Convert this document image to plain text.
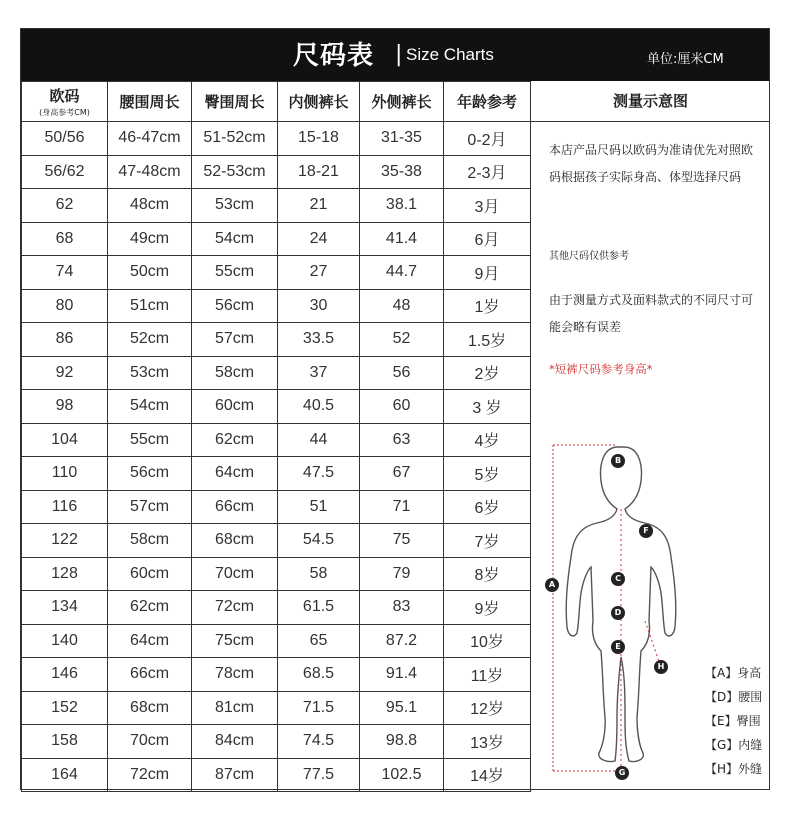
尺码表 | Size Charts	单位:厘米CM
欧码
(身高参考CM)	腰围周长	臀围周长	内侧裤长	外侧裤长	年龄参考
50/56	46-47cm	51-52cm	15-18	31-35	0-2月
56/62	47-48cm	52-53cm	18-21	35-38	2-3月
62	48cm	53cm	21	38.1	3月
68	49cm	54cm	24	41.4	6月
74	50cm	55cm	27	44.7	9月
80	51cm	56cm	30	48	1岁
86	52cm	57cm	33.5	52	1.5岁
92	53cm	58cm	37	56	2岁
98	54cm	60cm	40.5	60	3 岁
104	55cm	62cm	44	63	4岁
110	56cm	64cm	47.5	67	5岁
116	57cm	66cm	51	71	6岁
122	58cm	68cm	54.5	75	7岁
128	60cm	70cm	58	79	8岁
134	62cm	72cm	61.5	83	9岁
140	64cm	75cm	65	87.2	10岁
146	66cm	78cm	68.5	91.4	11岁
152	68cm	81cm	71.5	95.1	12岁
158	70cm	84cm	74.5	98.8	13岁
164	72cm	87cm	77.5	102.5	14岁
测量示意图
本店产品尺码以欧码为准请优先对照欧码根据孩子实际身高、体型选择尺码
其他尺码仅供参考
由于测量方式及面料款式的不同尺寸可能会略有误差
*短裤尺码参考身高*
A
B
F
C
D
E
H
G
【A】身高
【D】腰围
【E】臀围
【G】内缝
【H】外缝
